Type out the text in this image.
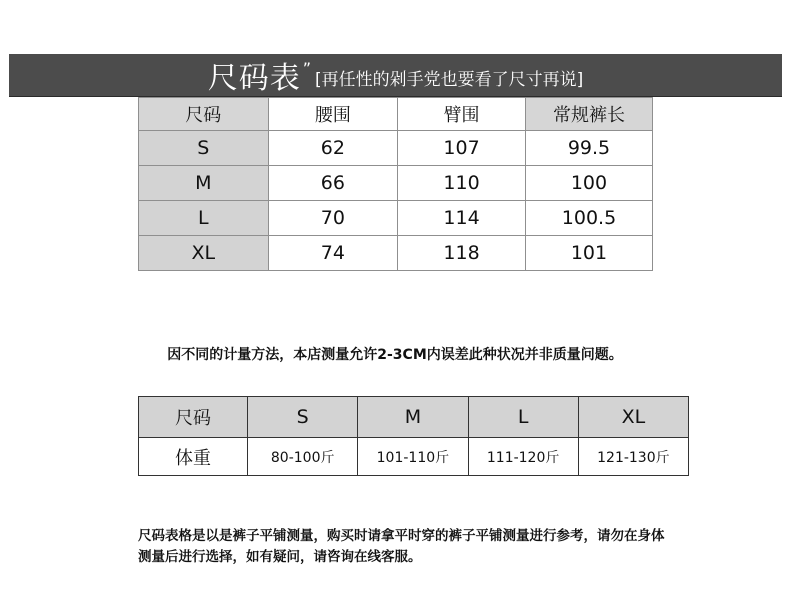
尺码表 ”
[再任性的剁手党也要看了尺寸再说]
尺码	腰围	臂围	常规裤长
S	62	107	99.5
M	66	110	100
L	70	114	100.5
XL	74	118	101
因不同的计量方法，本店测量允许2-3CM内误差此种状况并非质量问题。
尺码	S	M	L	XL
体重	80-100斤	101-110斤	111-120斤	121-130斤
尺码表格是以是裤子平铺测量，购买时请拿平时穿的裤子平铺测量进行参考，请勿在身体
测量后进行选择，如有疑问，请咨询在线客服。
